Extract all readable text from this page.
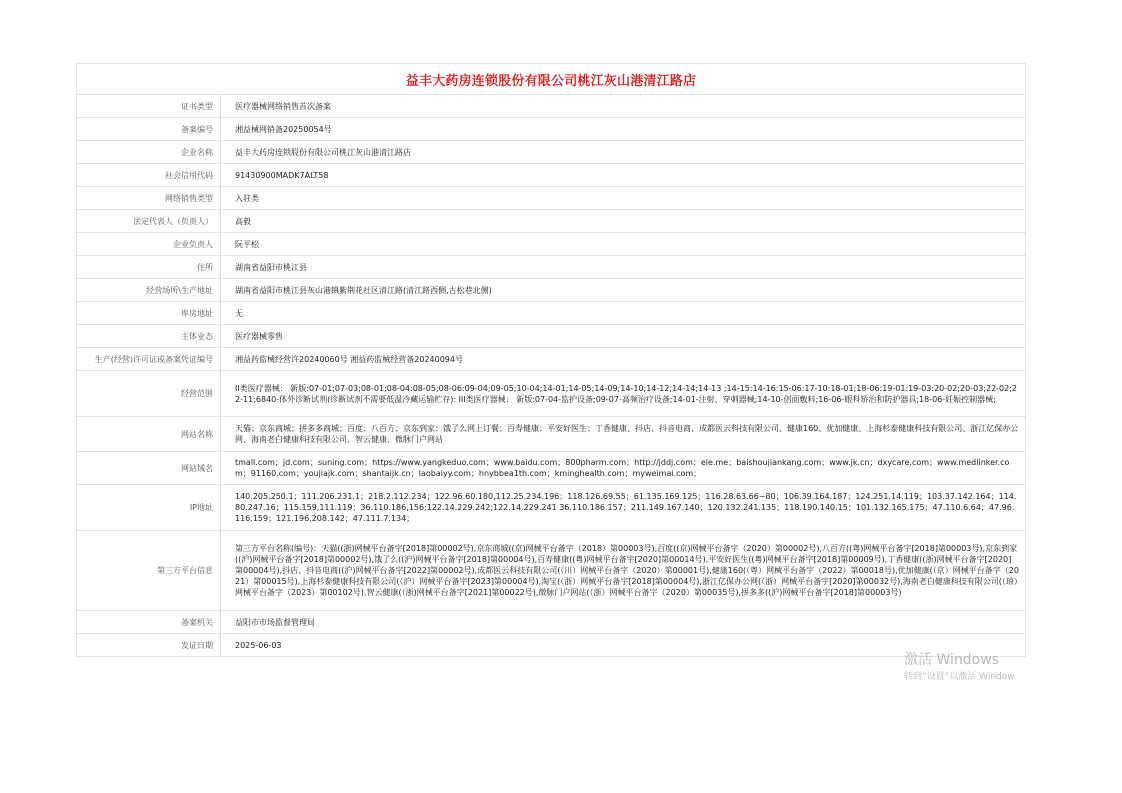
益丰大药房连锁股份有限公司桃江灰山港清江路店
证书类型	医疗器械网络销售首次备案
备案编号	湘益械网销备20250054号
企业名称	益丰大药房连锁股份有限公司桃江灰山港清江路店
社会信用代码	91430900MADK7ALT58
网络销售类型	入驻类
法定代表人（负责人）	高毅
企业负责人	阮平松
住所	湖南省益阳市桃江县
经营场所\生产地址	湖南省益阳市桃江县灰山港镇紫荆花社区清江路(清江路西侧,古松巷北侧)
库房地址	无
主体业态	医疗器械零售
生产(经营)许可证或备案凭证编号	湘益药监械经营许20240060号 湘益药监械经营备20240094号
经营范围	II类医疗器械： 新版:07-01;07-03;08-01;08-04:08-05;08-06:09-04;09-05;10-04;14-01;14-05;14-09;14-10;14-12;14-14;14-13 ;14-15:14-16:15-06:17-10:18-01;18-06:19-01:19-03:20-02;20-03;22-02;22-11;6840-体外诊断试剂(诊断试剂不需要低温冷藏运输贮存): III类医疗器械： 新版:07-04-监护设备;09-07-高频治疗设备;14-01-注射、穿刺器械;14-10-创面敷料;16-06-眼科矫治和防护器具;18-06-妊娠控制器械;
网站名称	天猫；京东商城；拼多多商城；百度；八百方；京东到家；饿了么网上订餐；百寿健康；平安好医生；丁香健康、抖店、抖音电商、成都医云科技有限公司、健康160、优加健康、上海杉泰健康科技有限公司、浙江亿保办公网、海南老白健康科技有限公司、智云健康、微脉门户网站
网站域名	tmall.com；jd.com；suning.com；https://www.yangkeduo.com；www.baidu.com；800pharm.com；http://jddj.com；ele.me；baishoujiankang.com；www.jk.cn；dxycare.com；www.medlinker.com；91160.com；youjiajk.com；shantaijk.cn；laobaiyy.com；hnybbea1th.com；kminghealth.com；myweimai.com；
IP地址	140.205.250.1；111.206.231.1；218.2.112.234；122.96.60.180,112.25.234.196；118.126.69.55；61.135.169.125；116.28.63.66~80；106.39.164.187；124.251.14.119；103.37.142.164；114.80.247.16；115.159,111.119；36.110.186,156;122.14.229.242;122.14.229.241 36.110.186.157；211.149.167.140；120.132.241.135；118.190.140.15；101.132.165.175；47.110.6.64；47.96.116.159；121.196.208.142；47.111.7.134；
第三方平台信息	第三方平台名称(编号)：天猫((浙)网械平台备字[2018]第00002号),京东商城((京)网械平台备字（2018）第00003号),百度((京)网械平台备字（2020）第00002号),八百方((粤)网械平台备字[2018]第00003号),京东到家((沪)网械平台备字[2018]第00002号),饿了么((沪)网械平台备字[2018]第00004号),百寿健康((粤)网械平台备字[2020]第00014号),平安好医生((粤)网械平台备字[2018]第00009号),丁香健康((浙)网械平台备字[2020]第00004号),抖店、抖音电商((沪)网械平台备字[2022]第00002号),成都医云科技有限公司(（川）网械平台备字（2020）第00001号),健康160(（粤）网械平台备字（2022）第00018号),优加健康(（京）网械平台备字（2021）第00015号),上海杉泰健康科技有限公司(（沪）网械平台备字[2023]第00004号),淘宝(（浙）网械平台备字[2018]第00004号),浙江亿保办公网(（浙）网械平台备字[2020]第00032号),海南老白健康科技有限公司(（琼）网械平台备字（2023）第00102号),智云健康(（浙)网械平台备字[2021]第00022号),微脉门户网站(（浙）网械平台备字（2020）第00035号),拼多多((沪)网械平台备字[2018]第00003号)
备案机关	益阳市市场监督管理局
发证日期	2025-06-03
激活 Windows
转到“设置”以激活 Window
